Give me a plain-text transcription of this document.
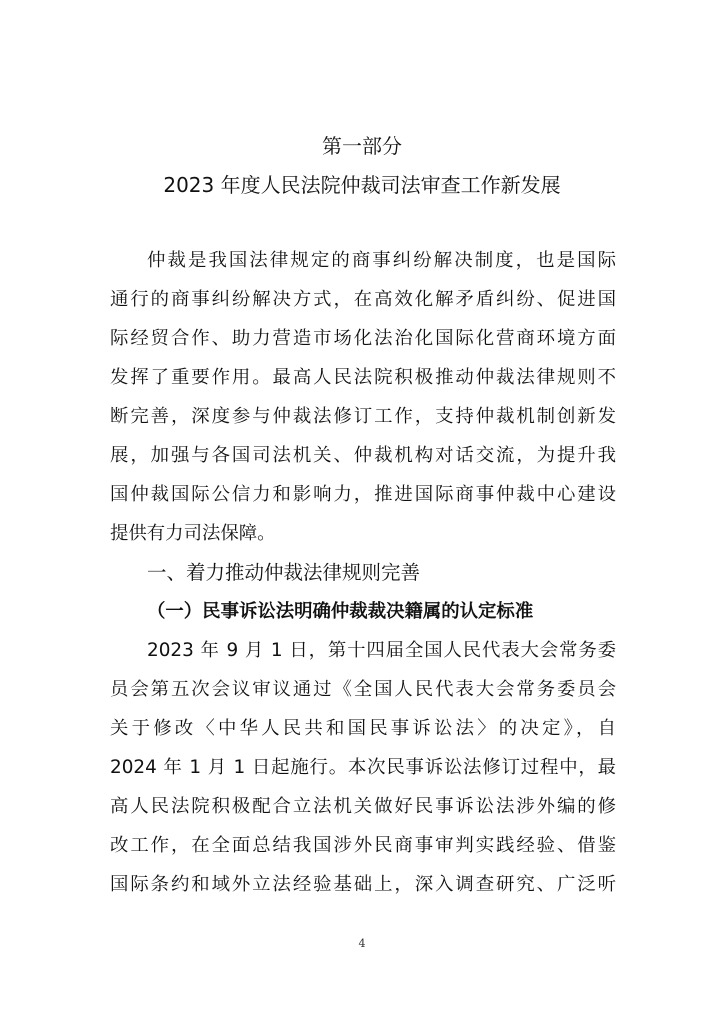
第一部分
2023 年度人民法院仲裁司法审查工作新发展
仲裁是我国法律规定的商事纠纷解决制度，也是国际
通行的商事纠纷解决方式，在高效化解矛盾纠纷、促进国
际经贸合作、助力营造市场化法治化国际化营商环境方面
发挥了重要作用。最高人民法院积极推动仲裁法律规则不
断完善，深度参与仲裁法修订工作，支持仲裁机制创新发
展，加强与各国司法机关、仲裁机构对话交流，为提升我
国仲裁国际公信力和影响力，推进国际商事仲裁中心建设
提供有力司法保障。
一、着力推动仲裁法律规则完善
（一）民事诉讼法明确仲裁裁决籍属的认定标准
2023 年 9 月 1 日，第十四届全国人民代表大会常务委
员会第五次会议审议通过《全国人民代表大会常务委员会
关于修改〈中华人民共和国民事诉讼法〉的决定》，自
2024 年 1 月 1 日起施行。本次民事诉讼法修订过程中，最
高人民法院积极配合立法机关做好民事诉讼法涉外编的修
改工作，在全面总结我国涉外民商事审判实践经验、借鉴
国际条约和域外立法经验基础上，深入调查研究、广泛听
4
